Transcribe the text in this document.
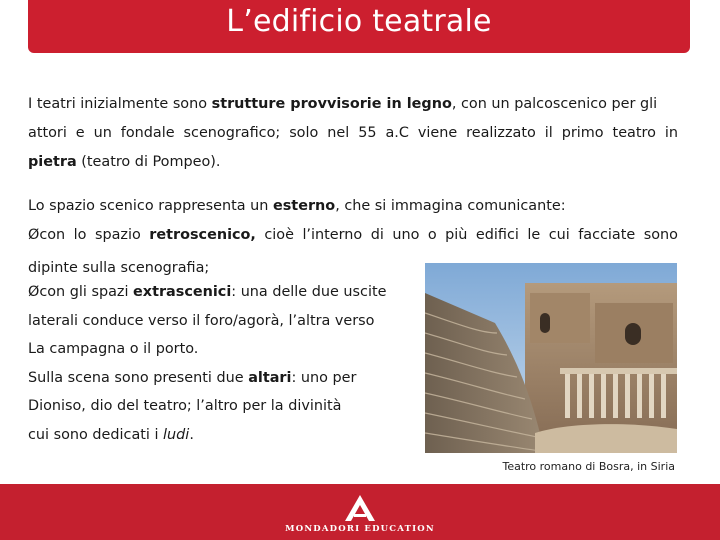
L’edificio teatrale
I teatri inizialmente sono strutture provvisorie in legno, con un palcoscenico per gli
attori e un fondale scenografico; solo nel 55 a.C viene realizzato il primo teatro in
pietra (teatro di Pompeo).
Lo spazio scenico rappresenta un esterno, che si immagina comunicante:
Øcon lo spazio retroscenico, cioè l’interno di uno o più edifici le cui facciate sono
dipinte sulla scenografia;
Øcon gli spazi extrascenici: una delle due uscite
laterali conduce verso il foro/agorà, l’altra verso
La campagna o il porto.
Sulla scena sono presenti due altari: uno per
Dioniso, dio del teatro; l’altro per la divinità
cui sono dedicati i ludi.
Teatro romano di Bosra, in Siria
MONDADORI EDUCATION
